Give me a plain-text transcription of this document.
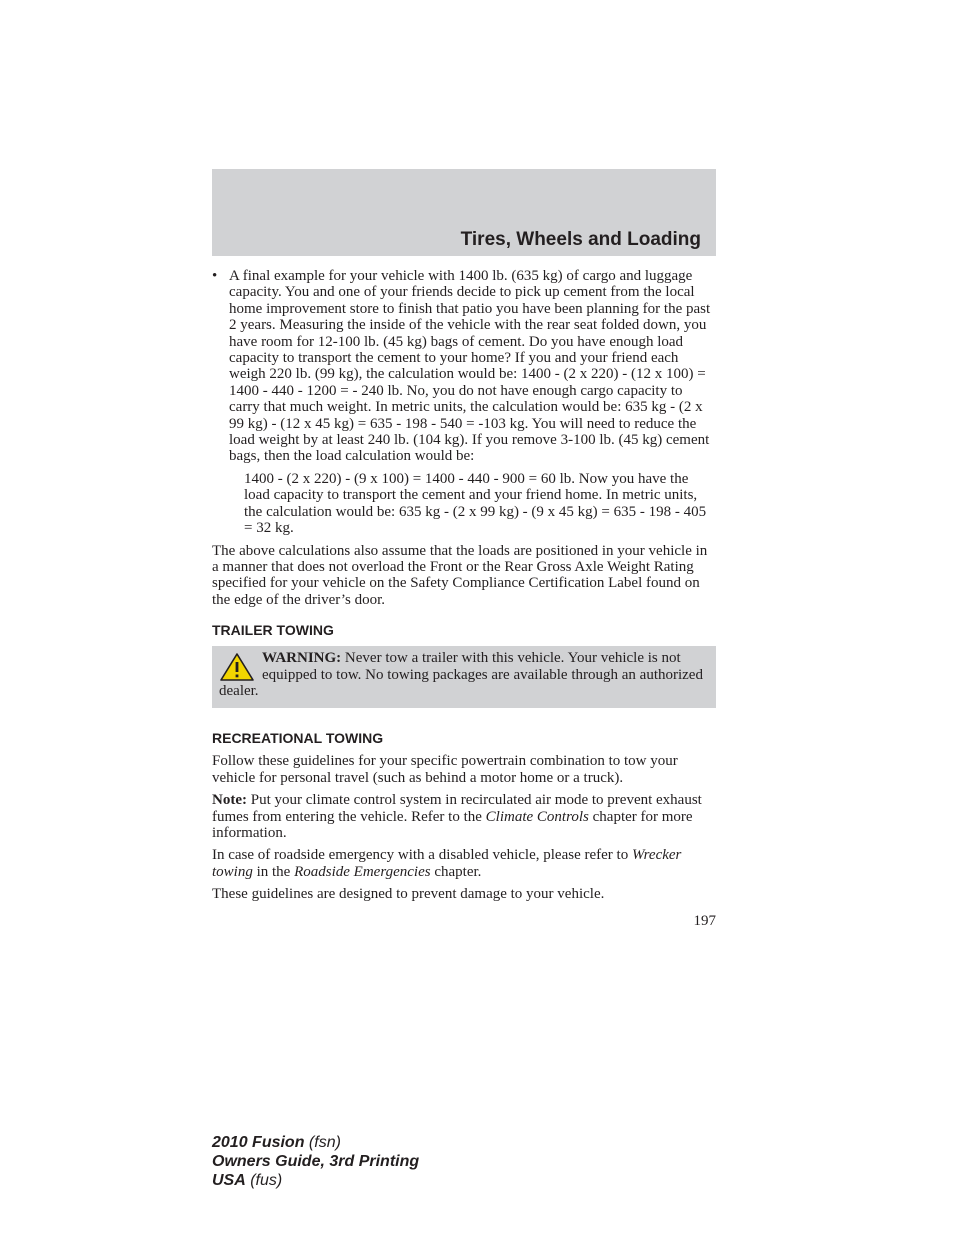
Tires, Wheels and Loading
• A final example for your vehicle with 1400 lb. (635 kg) of cargo and luggage capacity. You and one of your friends decide to pick up cement from the local home improvement store to finish that patio you have been planning for the past 2 years. Measuring the inside of the vehicle with the rear seat folded down, you have room for 12-100 lb. (45 kg) bags of cement. Do you have enough load capacity to transport the cement to your home? If you and your friend each weigh 220 lb. (99 kg), the calculation would be: 1400 - (2 x 220) - (12 x 100) = 1400 - 440 - 1200 = - 240 lb. No, you do not have enough cargo capacity to carry that much weight. In metric units, the calculation would be: 635 kg - (2 x 99 kg) - (12 x 45 kg) = 635 - 198 - 540 = -103 kg. You will need to reduce the load weight by at least 240 lb. (104 kg). If you remove 3-100 lb. (45 kg) cement bags, then the load calculation would be:

1400 - (2 x 220) - (9 x 100) = 1400 - 440 - 900 = 60 lb. Now you have the load capacity to transport the cement and your friend home. In metric units, the calculation would be: 635 kg - (2 x 99 kg) - (9 x 45 kg) = 635 - 198 - 405 = 32 kg.

The above calculations also assume that the loads are positioned in your vehicle in a manner that does not overload the Front or the Rear Gross Axle Weight Rating specified for your vehicle on the Safety Compliance Certification Label found on the edge of the driver’s door.

TRAILER TOWING

WARNING: Never tow a trailer with this vehicle. Your vehicle is not equipped to tow. No towing packages are available through an authorized dealer.

RECREATIONAL TOWING

Follow these guidelines for your specific powertrain combination to tow your vehicle for personal travel (such as behind a motor home or a truck).

Note: Put your climate control system in recirculated air mode to prevent exhaust fumes from entering the vehicle. Refer to the Climate Controls chapter for more information.

In case of roadside emergency with a disabled vehicle, please refer to Wrecker towing in the Roadside Emergencies chapter.

These guidelines are designed to prevent damage to your vehicle.

197
2010 Fusion (fsn)
Owners Guide, 3rd Printing
USA (fus)
